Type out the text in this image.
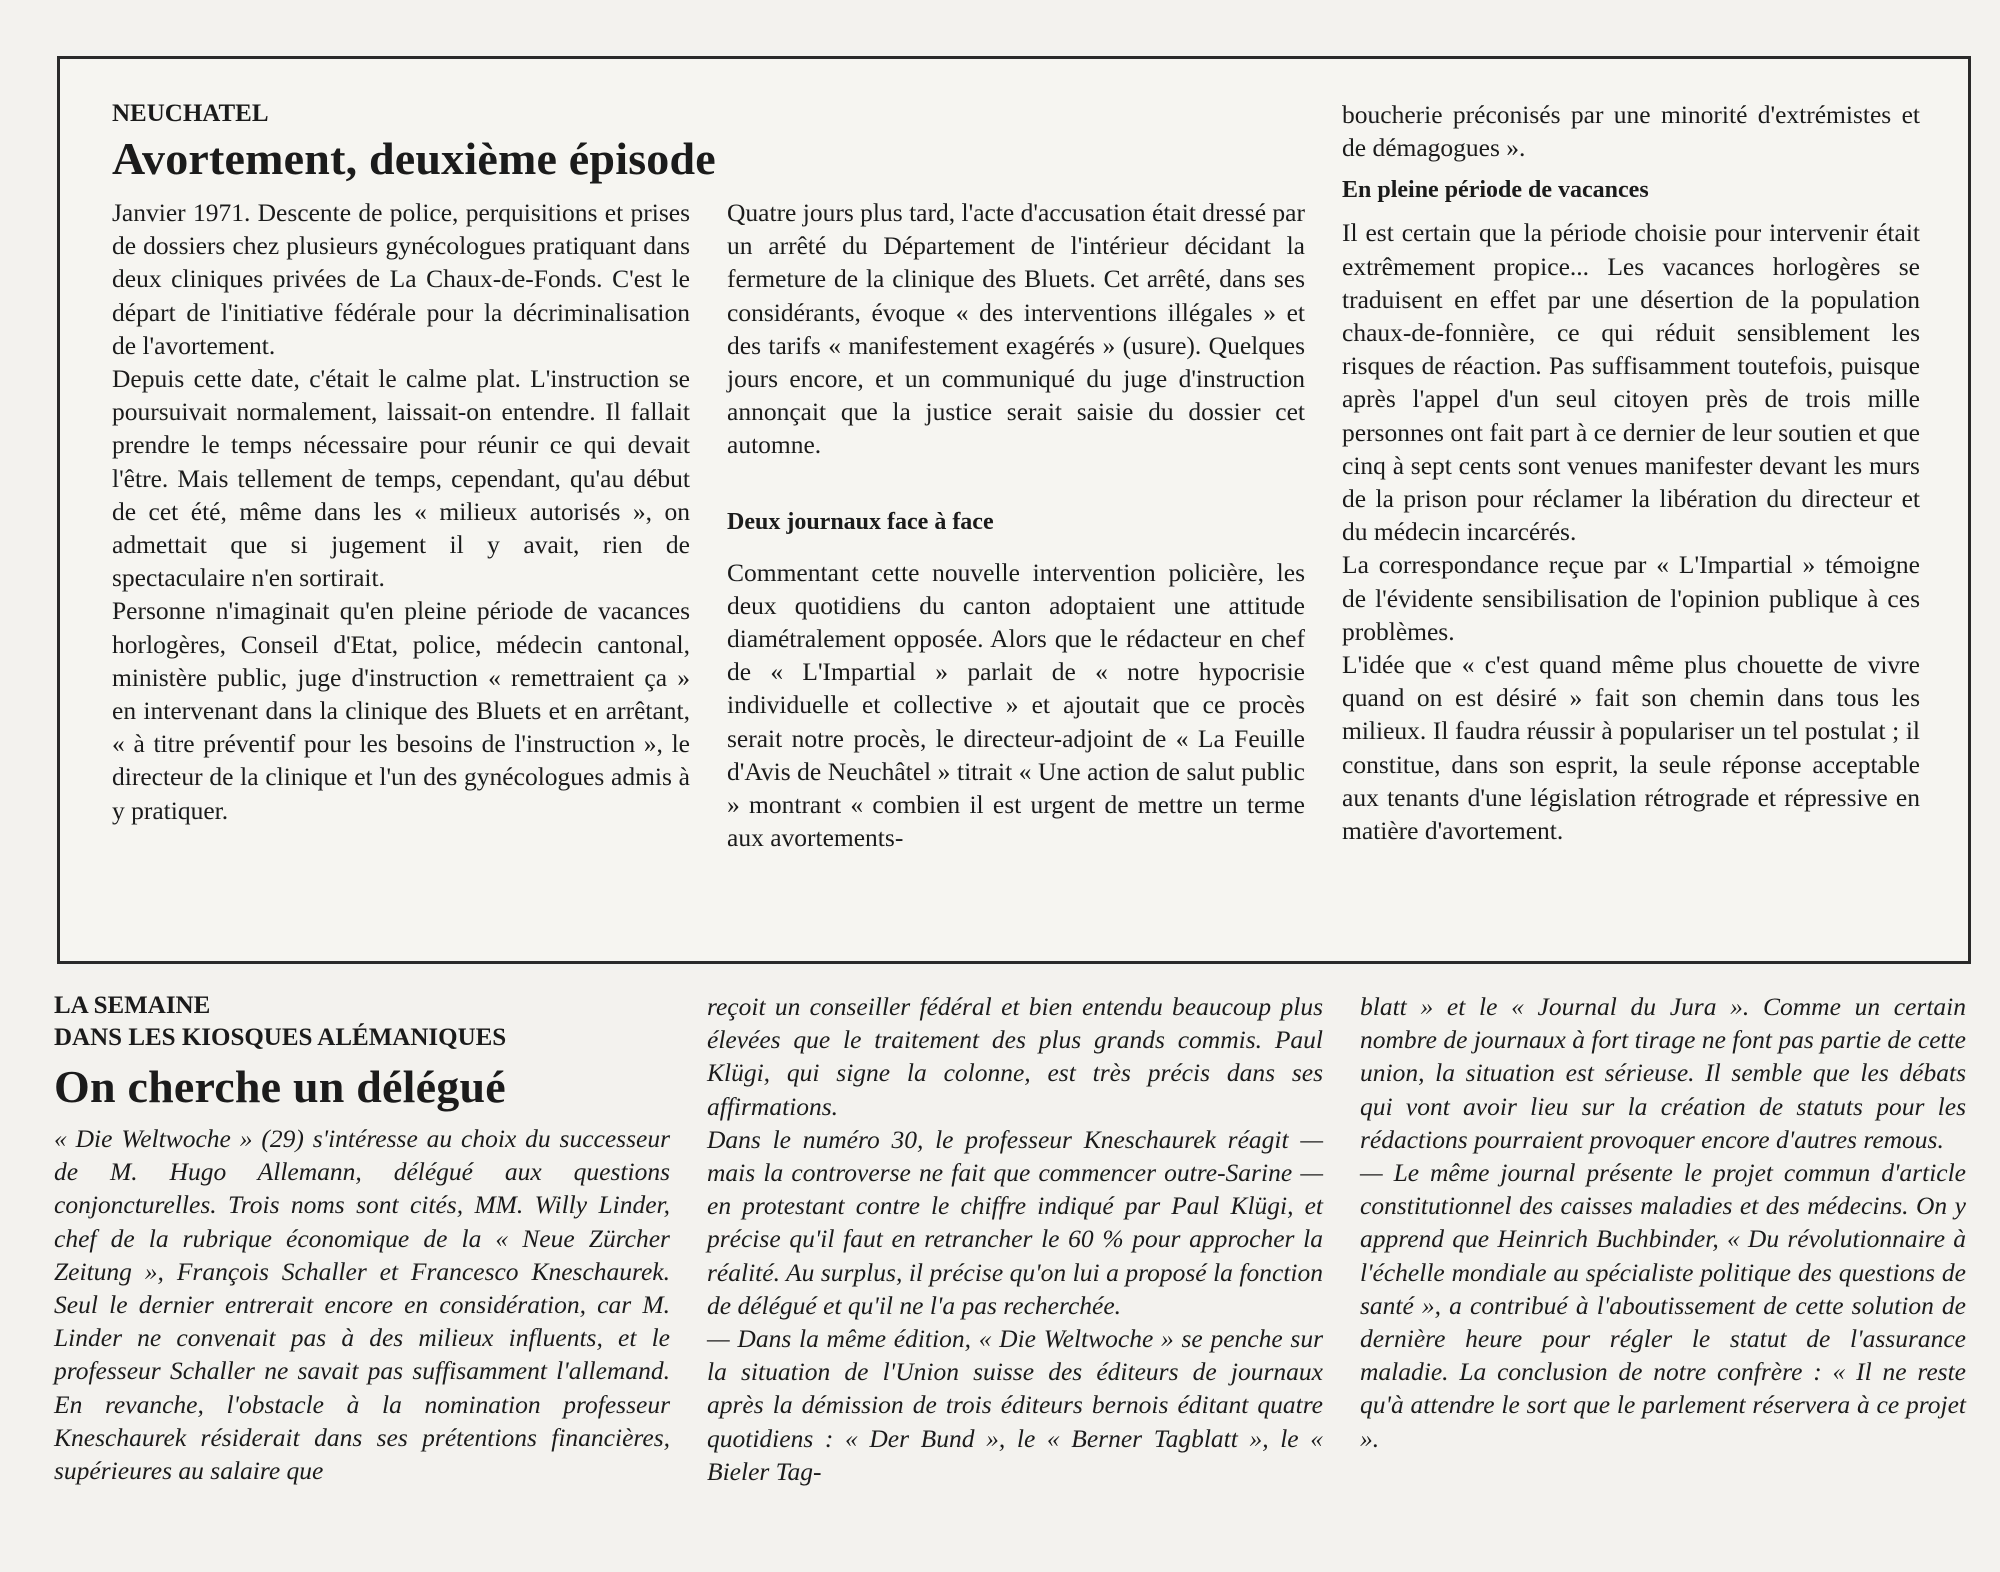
NEUCHATEL

Avortement, deuxième épisode

Janvier 1971. Descente de police, perquisitions et prises de dossiers chez plusieurs gynécologues pratiquant dans deux cliniques privées de La Chaux-de-Fonds. C'est le départ de l'initiative fédérale pour la décriminalisation de l'avortement.

Depuis cette date, c'était le calme plat. L'instruction se poursuivait normalement, laissait-on entendre. Il fallait prendre le temps nécessaire pour réunir ce qui devait l'être. Mais tellement de temps, cependant, qu'au début de cet été, même dans les « milieux autorisés », on admettait que si jugement il y avait, rien de spectaculaire n'en sortirait.

Personne n'imaginait qu'en pleine période de vacances horlogères, Conseil d'Etat, police, médecin cantonal, ministère public, juge d'instruction « remettraient ça » en intervenant dans la clinique des Bluets et en arrêtant, « à titre préventif pour les besoins de l'instruction », le directeur de la clinique et l'un des gynécologues admis à y pratiquer.

Quatre jours plus tard, l'acte d'accusation était dressé par un arrêté du Département de l'intérieur décidant la fermeture de la clinique des Bluets. Cet arrêté, dans ses considérants, évoque « des interventions illégales » et des tarifs « manifestement exagérés » (usure). Quelques jours encore, et un communiqué du juge d'instruction annonçait que la justice serait saisie du dossier cet automne.

Deux journaux face à face

Commentant cette nouvelle intervention policière, les deux quotidiens du canton adoptaient une attitude diamétralement opposée. Alors que le rédacteur en chef de « L'Impartial » parlait de « notre hypocrisie individuelle et collective » et ajoutait que ce procès serait notre procès, le directeur-adjoint de « La Feuille d'Avis de Neuchâtel » titrait « Une action de salut public » montrant « combien il est urgent de mettre un terme aux avortements-

boucherie préconisés par une minorité d'extrémistes et de démagogues ».

En pleine période de vacances

Il est certain que la période choisie pour intervenir était extrêmement propice... Les vacances horlogères se traduisent en effet par une désertion de la population chaux-de-fonnière, ce qui réduit sensiblement les risques de réaction. Pas suffisamment toutefois, puisque après l'appel d'un seul citoyen près de trois mille personnes ont fait part à ce dernier de leur soutien et que cinq à sept cents sont venues manifester devant les murs de la prison pour réclamer la libération du directeur et du médecin incarcérés.

La correspondance reçue par « L'Impartial » témoigne de l'évidente sensibilisation de l'opinion publique à ces problèmes.

L'idée que « c'est quand même plus chouette de vivre quand on est désiré » fait son chemin dans tous les milieux. Il faudra réussir à populariser un tel postulat ; il constitue, dans son esprit, la seule réponse acceptable aux tenants d'une législation rétrograde et répressive en matière d'avortement.

LA SEMAINE

DANS LES KIOSQUES ALÉMANIQUES

On cherche un délégué

« Die Weltwoche » (29) s'intéresse au choix du successeur de M. Hugo Allemann, délégué aux questions conjoncturelles. Trois noms sont cités, MM. Willy Linder, chef de la rubrique économique de la « Neue Zürcher Zeitung », François Schaller et Francesco Kneschaurek. Seul le dernier entrerait encore en considération, car M. Linder ne convenait pas à des milieux influents, et le professeur Schaller ne savait pas suffisamment l'allemand. En revanche, l'obstacle à la nomination professeur Kneschaurek résiderait dans ses prétentions financières, supérieures au salaire que

reçoit un conseiller fédéral et bien entendu beaucoup plus élevées que le traitement des plus grands commis. Paul Klügi, qui signe la colonne, est très précis dans ses affirmations.

Dans le numéro 30, le professeur Kneschaurek réagit — mais la controverse ne fait que commencer outre-Sarine — en protestant contre le chiffre indiqué par Paul Klügi, et précise qu'il faut en retrancher le 60 % pour approcher la réalité. Au surplus, il précise qu'on lui a proposé la fonction de délégué et qu'il ne l'a pas recherchée.

— Dans la même édition, « Die Weltwoche » se penche sur la situation de l'Union suisse des éditeurs de journaux après la démission de trois éditeurs bernois éditant quatre quotidiens : « Der Bund », le « Berner Tagblatt », le « Bieler Tag-

blatt » et le « Journal du Jura ». Comme un certain nombre de journaux à fort tirage ne font pas partie de cette union, la situation est sérieuse. Il semble que les débats qui vont avoir lieu sur la création de statuts pour les rédactions pourraient provoquer encore d'autres remous.

— Le même journal présente le projet commun d'article constitutionnel des caisses maladies et des médecins. On y apprend que Heinrich Buchbinder, « Du révolutionnaire à l'échelle mondiale au spécialiste politique des questions de santé », a contribué à l'aboutissement de cette solution de dernière heure pour régler le statut de l'assurance maladie. La conclusion de notre confrère : « Il ne reste qu'à attendre le sort que le parlement réservera à ce projet ».
